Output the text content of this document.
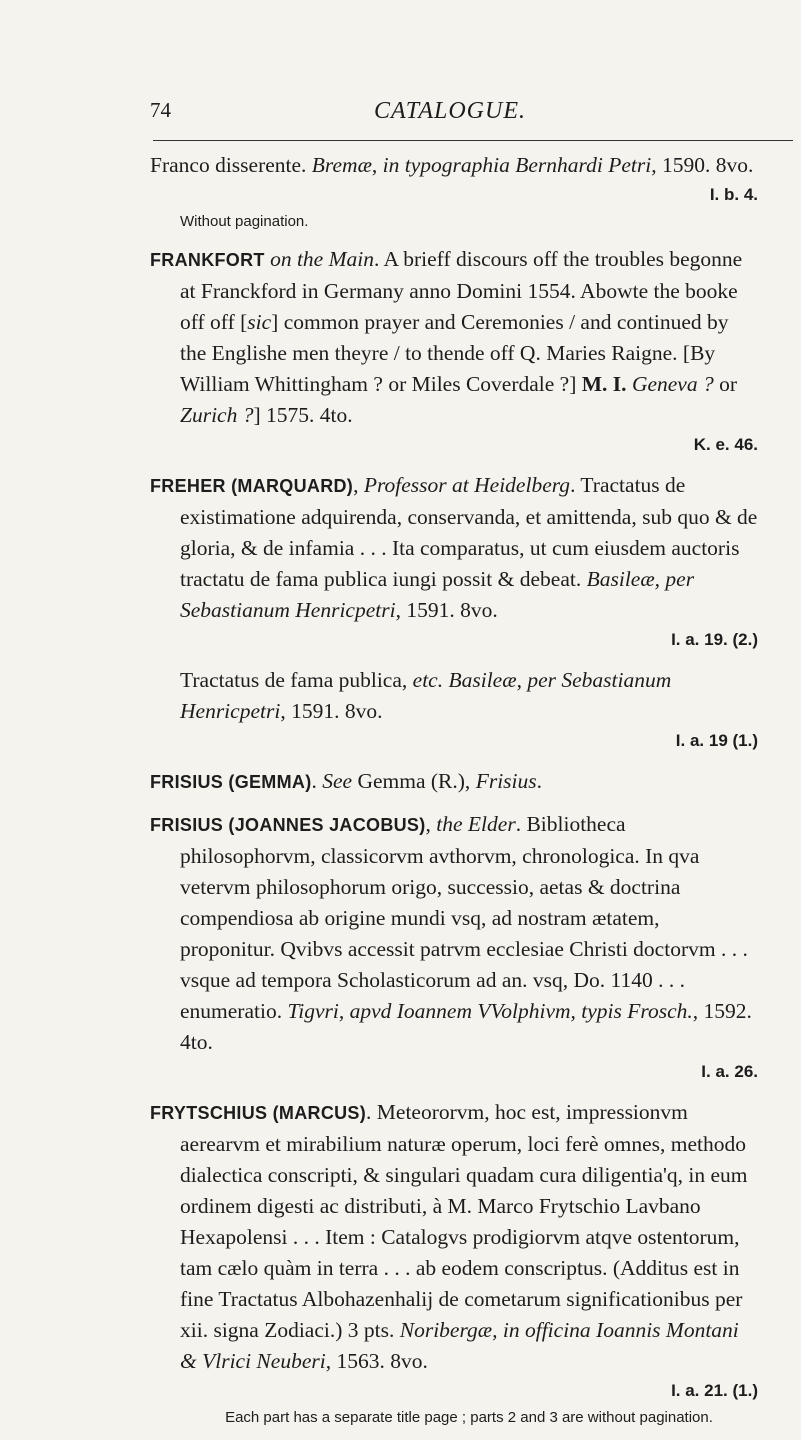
74	CATALOGUE.
Franco disserente. Bremæ, in typographia Bernhardi Petri, 1590. 8vo.
I. b. 4.
Without pagination.
FRANKFORT on the Main. A brieff discours off the troubles begonne at Franckford in Germany anno Domini 1554. Abowte the booke off off [sic] common prayer and Ceremonies / and continued by the Englishe men theyre / to thende off Q. Maries Raigne. [By William Whittingham ? or Miles Coverdale ?] M. I. Geneva ? or Zurich ?] 1575. 4to.
K. e. 46.
FREHER (MARQUARD), Professor at Heidelberg. Tractatus de existimatione adquirenda, conservanda, et amittenda, sub quo & de gloria, & de infamia . . . Ita comparatus, ut cum eiusdem auctoris tractatu de fama publica iungi possit & debeat. Basileæ, per Sebastianum Henricpetri, 1591. 8vo.
I. a. 19. (2.)
Tractatus de fama publica, etc. Basileæ, per Sebastianum Henricpetri, 1591. 8vo.
I. a. 19 (1.)
FRISIUS (GEMMA). See Gemma (R.), Frisius.
FRISIUS (JOANNES JACOBUS), the Elder. Bibliotheca philosophorvm, classicorvm avthorvm, chronologica. In qva vetervm philosophorum origo, successio, aetas & doctrina compendiosa ab origine mundi vsq, ad nostram ætatem, proponitur. Qvibvs accessit patrvm ecclesiae Christi doctorvm . . . vsque ad tempora Scholasticorum ad an. vsq, Do. 1140 . . . enumeratio. Tigvri, apvd Ioannem VVolphivm, typis Frosch., 1592. 4to.
I. a. 26.
FRYTSCHIUS (MARCUS). Meteororvm, hoc est, impressionvm aerearvm et mirabilium naturæ operum, loci ferè omnes, methodo dialectica conscripti, & singulari quadam cura diligentia'q, in eum ordinem digesti ac distributi, à M. Marco Frytschio Lavbano Hexapolensi . . . Item : Catalogvs prodigiorvm atqve ostentorum, tam cælo quàm in terra . . . ab eodem conscriptus. (Additus est in fine Tractatus Albohazenhalij de cometarum significationibus per xii. signa Zodiaci.) 3 pts. Noribergæ, in officina Ioannis Montani & Vlrici Neuberi, 1563. 8vo.
I. a. 21. (1.)
Each part has a separate title page ; parts 2 and 3 are without pagination.
